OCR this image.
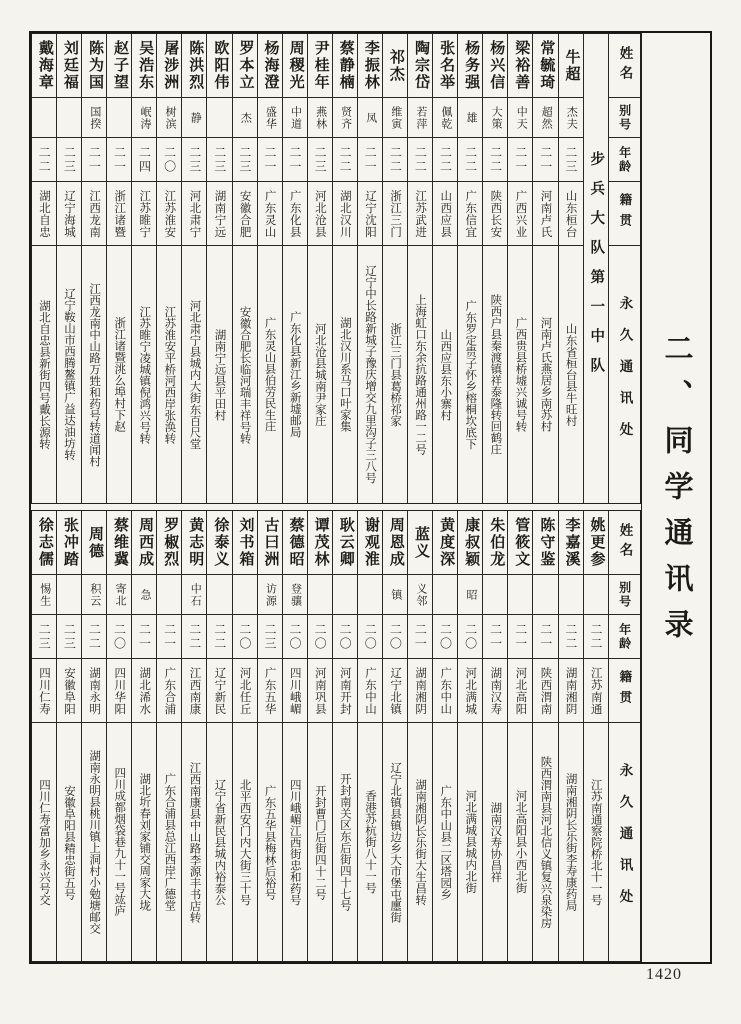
姓名
别号
年龄
籍贯
永久通讯处
步兵大队第一中队
牛超
杰夫
二三
山东桓台
山东省桓台县牛旺村
常毓琦
超然
二一
河南卢氏
河南卢氏燕居乡南苏村
梁裕善
中天
二一
广西兴业
广西贵县桥墟兴诚号转
杨兴信
大策
二二
陕西长安
陕西户县秦渡镇祥泰隆转回鹤庄
杨务强
雄
二二
广东信宜
广东罗定贵子怀乡榕桐坎底下
张名举
佩乾
二二
山西应县
山西应县东小寨村
陶宗岱
若萍
二二
江苏武进
上海虹口东余抗路通州路一二号
祁杰
维寅
二二
浙江三门
浙江三门县葛桥祁家
李振林
凤
二一
辽宁沈阳
辽宁中长路新城子豫庆增交九里沟子三八号
蔡静楠
贤齐
二二
湖北汉川
湖北汉川系马口叶家集
尹桂年
燕林
二三
河北沧县
河北沧县城南尹家庄
周稷光
中道
二一
广东化县
广东化县新江乡新墟邮局
杨海澄
盛华
二一
广东灵山
广东灵山县伯劳民生庄
罗本立
杰
二三
安徽合肥
安徽合肥长临河瑞丰祥号转
欧阳伟
二三
湖南宁远
湖南宁远县平田村
陈洪烈
静
二三
河北肃宁
河北肃宁县城内大街东百尺堂
屠涉洲
树滨
二〇
江苏淮安
江苏淮安平桥河西岸张涣转
吴浩东
岷涛
二四
江苏睢宁
江苏睢宁凌城镇倪鸿兴号转
赵子望
二一
浙江诸暨
浙江诸暨洮么埠村下赵
陈为国
国揆
二一
江西龙南
江西龙南中山路万甡和药号转道闻村
刘廷福
二三
辽宁海城
辽宁鞍山市西腾鳌镇广益达油坊转
戴海章
二二
湖北自忠
湖北自忠县新街四号戴长源转
姓名
别号
年龄
籍贯
永久通讯处
姚更参
二二
江苏南通
江苏南通察院桥北十一号
李嘉溪
二二
湖南湘阴
湖南湘阴长乐街李寿康药局
陈守鉴
二一
陕西渭南
陕西渭南县河北信义镇复兴泉染房
管筱文
二一
河北高阳
河北高阳县小西北街
朱伯龙
二一
湖南汉寿
湖南汉寿协昌祥
康叔颖
昭
二〇
河北满城
河北满城县城内北街
黄度深
二〇
广东中山
广东中山县二区塔园乡
蓝义
义邻
二一
湖南湘阴
湖南湘阴长乐街大生昌转
周恩成
镇
二〇
辽宁北镇
辽宁北镇县镇边乡大市堡屯廛街
谢观淮
二〇
广东中山
香港苏杭街八十一号
耿云卿
二〇
河南开封
开封南关区东后街四十七号
谭茂林
二〇
河南巩县
开封曹门后街四十二号
蔡德昭
登骧
二〇
四川峨嵋
四川峨嵋江西街忠和药号
古曰洲
访源
二三
广东五华
广东五华县梅林后裕号
刘书箱
二〇
河北任丘
北平西安门内大街三十号
徐泰义
二二
辽宁新民
辽宁省新民县城内裕泰公
黄志明
中石
二二
江西南康
江西南康县中山路李源丰书店转
罗椒烈
二一
广东合浦
广东合浦县总江西岸广德堂
周西成
急
二一
湖北浠水
湖北圻春刘家铺交周家大垅
蔡维冀
寄北
二〇
四川华阳
四川成都烟袋巷九十一号竑庐
周德
积云
二二
湖南永明
湖南永明县桃川镇上洞村小勉塘邮交
张冲踏
二三
安徽阜阳
安徽阜阳县精忠街五号
徐志儒
惕生
二三
四川仁寿
四川仁寿富加乡永兴号交
二、同学通讯录
1420
